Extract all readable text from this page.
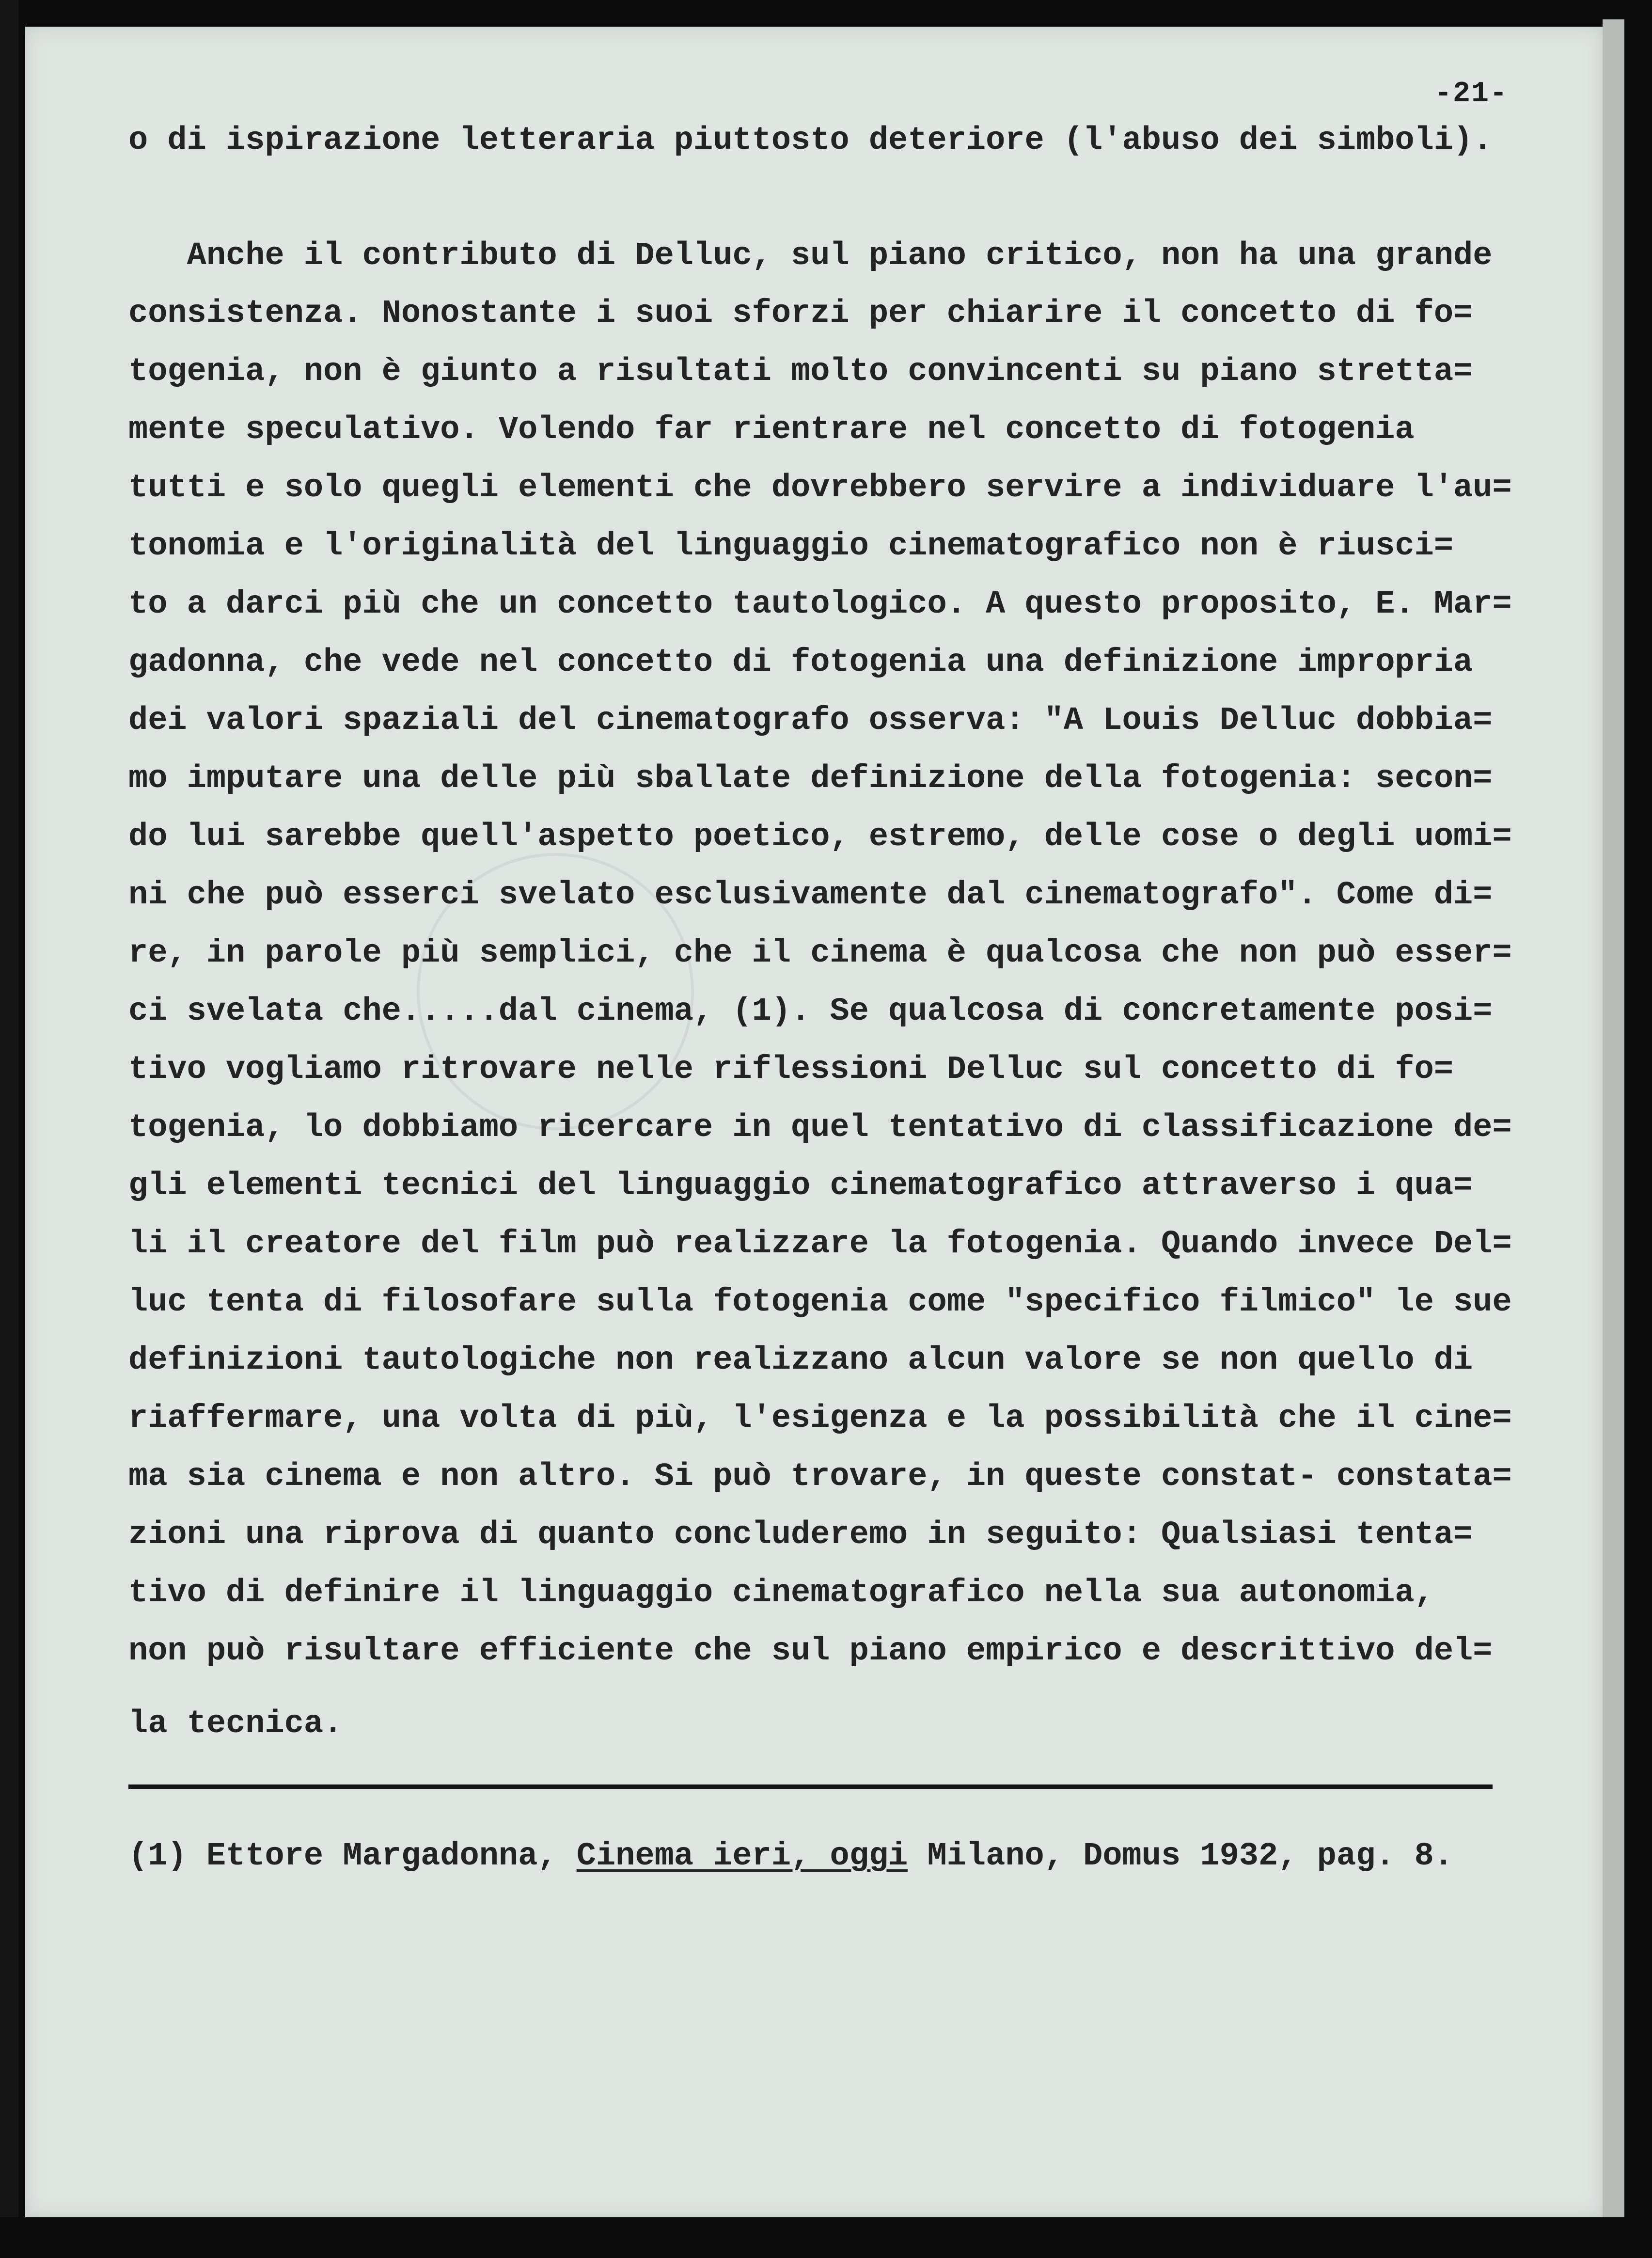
-21-
o di ispirazione letteraria piuttosto deteriore (l'abuso dei simboli).
Anche il contributo di Delluc, sul piano critico, non ha una grande
consistenza. Nonostante i suoi sforzi per chiarire il concetto di fo=
togenia, non è giunto a risultati molto convincenti su piano stretta=
mente speculativo. Volendo far rientrare nel concetto di fotogenia
tutti e solo quegli elementi che dovrebbero servire a individuare l'au=
tonomia e l'originalità del linguaggio cinematografico non è riusci=
to a darci più che un concetto tautologico. A questo proposito, E. Mar=
gadonna, che vede nel concetto di fotogenia una definizione impropria
dei valori spaziali del cinematografo osserva: "A Louis Delluc dobbia=
mo imputare una delle più sballate definizione della fotogenia: secon=
do lui sarebbe quell'aspetto poetico, estremo, delle cose o degli uomi=
ni che può esserci svelato esclusivamente dal cinematografo". Come di=
re, in parole più semplici, che il cinema è qualcosa che non può esser=
ci svelata che.....dal cinema, (1). Se qualcosa di concretamente posi=
tivo vogliamo ritrovare nelle riflessioni Delluc sul concetto di fo=
togenia, lo dobbiamo ricercare in quel tentativo di classificazione de=
gli elementi tecnici del linguaggio cinematografico attraverso i qua=
li il creatore del film può realizzare la fotogenia. Quando invece Del=
luc tenta di filosofare sulla fotogenia come "specifico filmico" le sue
definizioni tautologiche non realizzano alcun valore se non quello di
riaffermare, una volta di più, l'esigenza e la possibilità che il cine=
ma sia cinema e non altro. Si può trovare, in queste constat- constata=
zioni una riprova di quanto concluderemo in seguito: Qualsiasi tenta=
tivo di definire il linguaggio cinematografico nella sua autonomia,
non può risultare efficiente che sul piano empirico e descrittivo del=
la tecnica.
(1) Ettore Margadonna, Cinema ieri, oggi Milano, Domus 1932, pag. 8.
